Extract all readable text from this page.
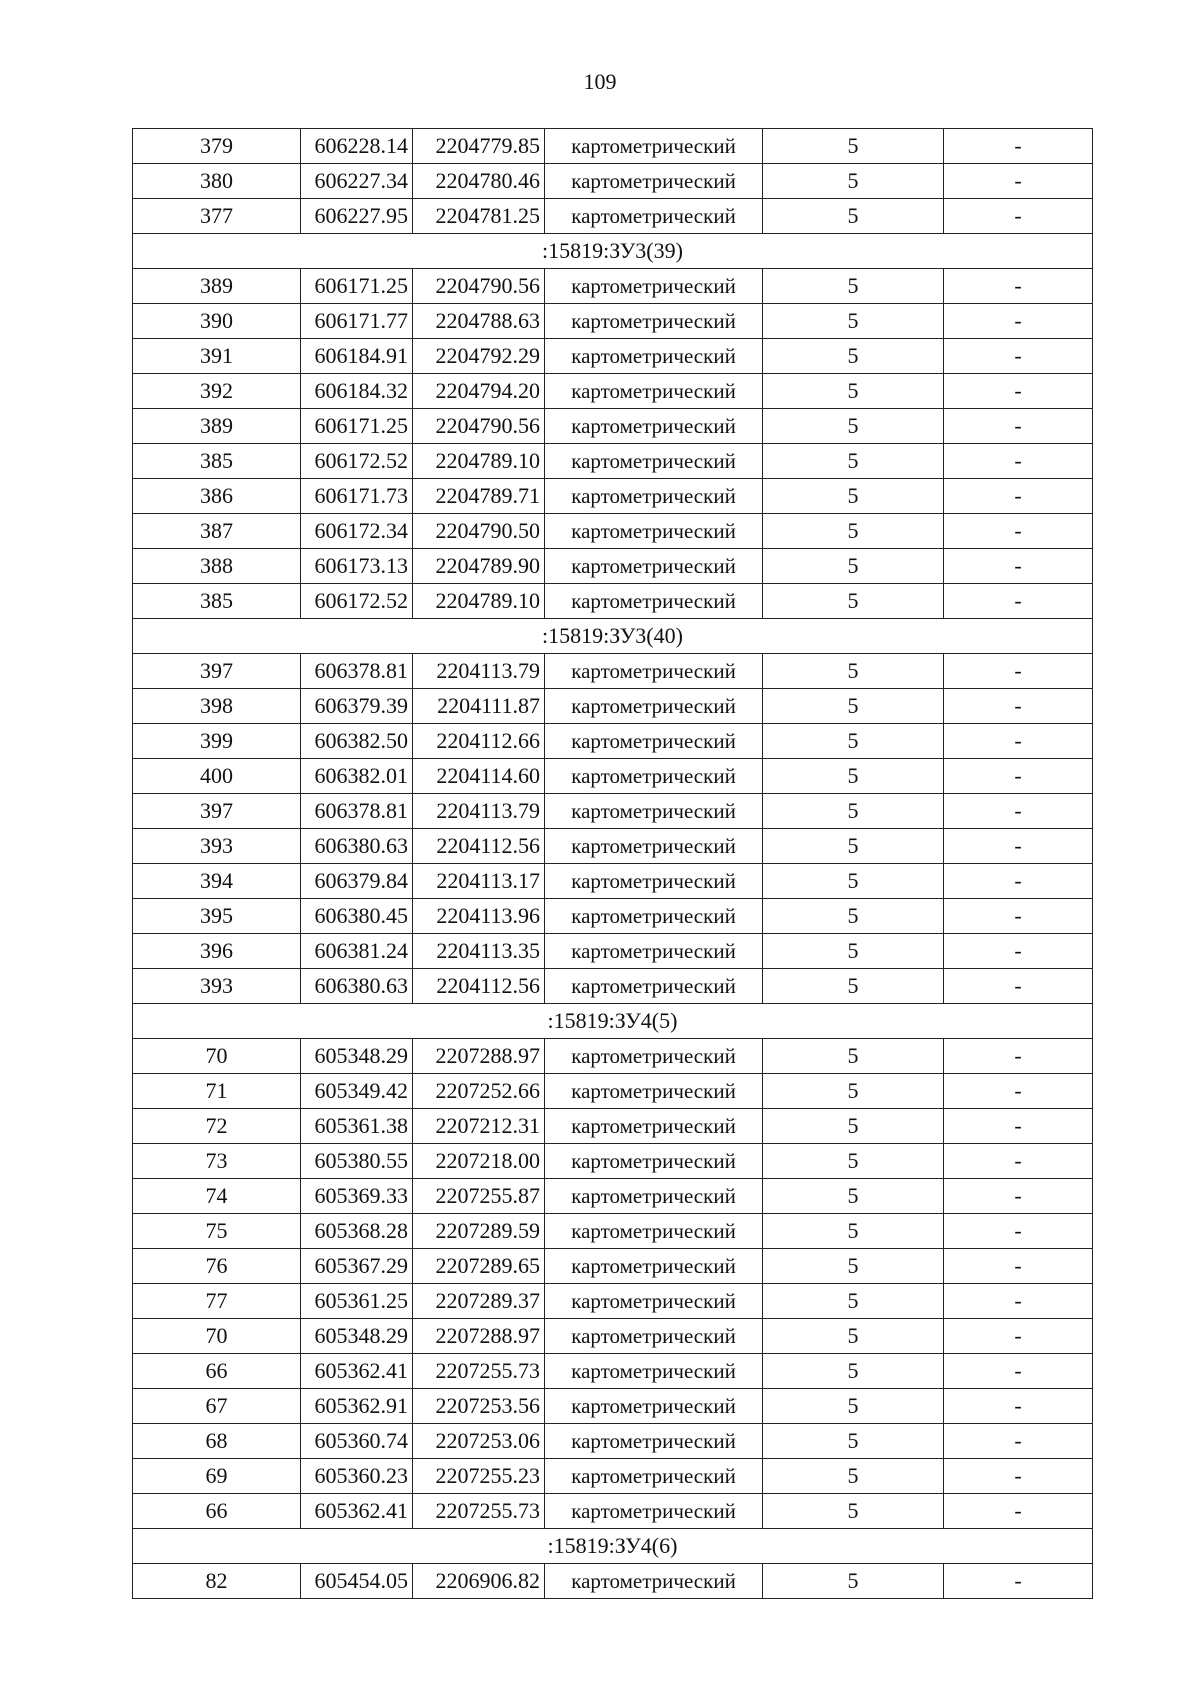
109
379	606228.14	2204779.85	картометрический	5	-
380	606227.34	2204780.46	картометрический	5	-
377	606227.95	2204781.25	картометрический	5	-
:15819:ЗУ3(39)					
389	606171.25	2204790.56	картометрический	5	-
390	606171.77	2204788.63	картометрический	5	-
391	606184.91	2204792.29	картометрический	5	-
392	606184.32	2204794.20	картометрический	5	-
389	606171.25	2204790.56	картометрический	5	-
385	606172.52	2204789.10	картометрический	5	-
386	606171.73	2204789.71	картометрический	5	-
387	606172.34	2204790.50	картометрический	5	-
388	606173.13	2204789.90	картометрический	5	-
385	606172.52	2204789.10	картометрический	5	-
:15819:ЗУ3(40)					
397	606378.81	2204113.79	картометрический	5	-
398	606379.39	2204111.87	картометрический	5	-
399	606382.50	2204112.66	картометрический	5	-
400	606382.01	2204114.60	картометрический	5	-
397	606378.81	2204113.79	картометрический	5	-
393	606380.63	2204112.56	картометрический	5	-
394	606379.84	2204113.17	картометрический	5	-
395	606380.45	2204113.96	картометрический	5	-
396	606381.24	2204113.35	картометрический	5	-
393	606380.63	2204112.56	картометрический	5	-
:15819:ЗУ4(5)					
70	605348.29	2207288.97	картометрический	5	-
71	605349.42	2207252.66	картометрический	5	-
72	605361.38	2207212.31	картометрический	5	-
73	605380.55	2207218.00	картометрический	5	-
74	605369.33	2207255.87	картометрический	5	-
75	605368.28	2207289.59	картометрический	5	-
76	605367.29	2207289.65	картометрический	5	-
77	605361.25	2207289.37	картометрический	5	-
70	605348.29	2207288.97	картометрический	5	-
66	605362.41	2207255.73	картометрический	5	-
67	605362.91	2207253.56	картометрический	5	-
68	605360.74	2207253.06	картометрический	5	-
69	605360.23	2207255.23	картометрический	5	-
66	605362.41	2207255.73	картометрический	5	-
:15819:ЗУ4(6)					
82	605454.05	2206906.82	картометрический	5	-
